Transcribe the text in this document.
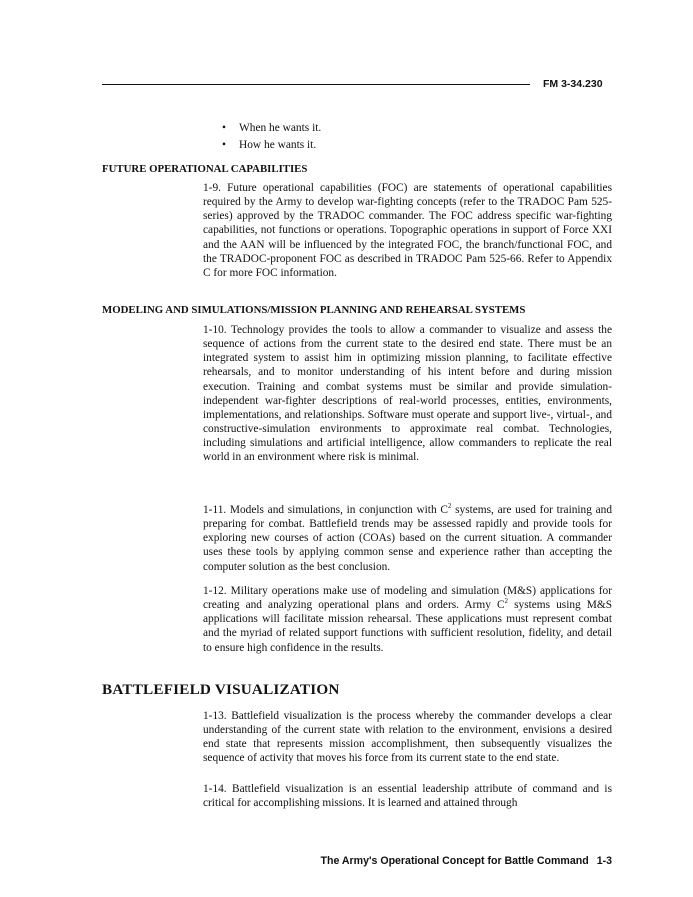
FM 3-34.230
• When he wants it.
• How he wants it.
FUTURE OPERATIONAL CAPABILITIES

1-9. Future operational capabilities (FOC) are statements of operational capabilities required by the Army to develop war-fighting concepts (refer to the TRADOC Pam 525-series) approved by the TRADOC commander. The FOC address specific war-fighting capabilities, not functions or operations. Topographic operations in support of Force XXI and the AAN will be influenced by the integrated FOC, the branch/functional FOC, and the TRADOC-proponent FOC as described in TRADOC Pam 525-66. Refer to Appendix C for more FOC information.

MODELING AND SIMULATIONS/MISSION PLANNING AND REHEARSAL SYSTEMS

1-10. Technology provides the tools to allow a commander to visualize and assess the sequence of actions from the current state to the desired end state. There must be an integrated system to assist him in optimizing mission planning, to facilitate effective rehearsals, and to monitor understanding of his intent before and during mission execution. Training and combat systems must be similar and provide simulation-independent war-fighter descriptions of real-world processes, entities, environments, implementations, and relationships. Software must operate and support live-, virtual-, and constructive-simulation environments to approximate real combat. Technologies, including simulations and artificial intelligence, allow commanders to replicate the real world in an environment where risk is minimal.

1-11. Models and simulations, in conjunction with $C^2$ systems, are used for training and preparing for combat. Battlefield trends may be assessed rapidly and provide tools for exploring new courses of action (COAs) based on the current situation. A commander uses these tools by applying common sense and experience rather than accepting the computer solution as the best conclusion.

1-12. Military operations make use of modeling and simulation (M&S) applications for creating and analyzing operational plans and orders. Army $C^2$ systems using M&S applications will facilitate mission rehearsal. These applications must represent combat and the myriad of related support functions with sufficient resolution, fidelity, and detail to ensure high confidence in the results.

BATTLEFIELD VISUALIZATION

1-13. Battlefield visualization is the process whereby the commander develops a clear understanding of the current state with relation to the environment, envisions a desired end state that represents mission accomplishment, then subsequently visualizes the sequence of activity that moves his force from its current state to the end state.

1-14. Battlefield visualization is an essential leadership attribute of command and is critical for accomplishing missions. It is learned and attained through

The Army's Operational Concept for Battle Command 1-3
